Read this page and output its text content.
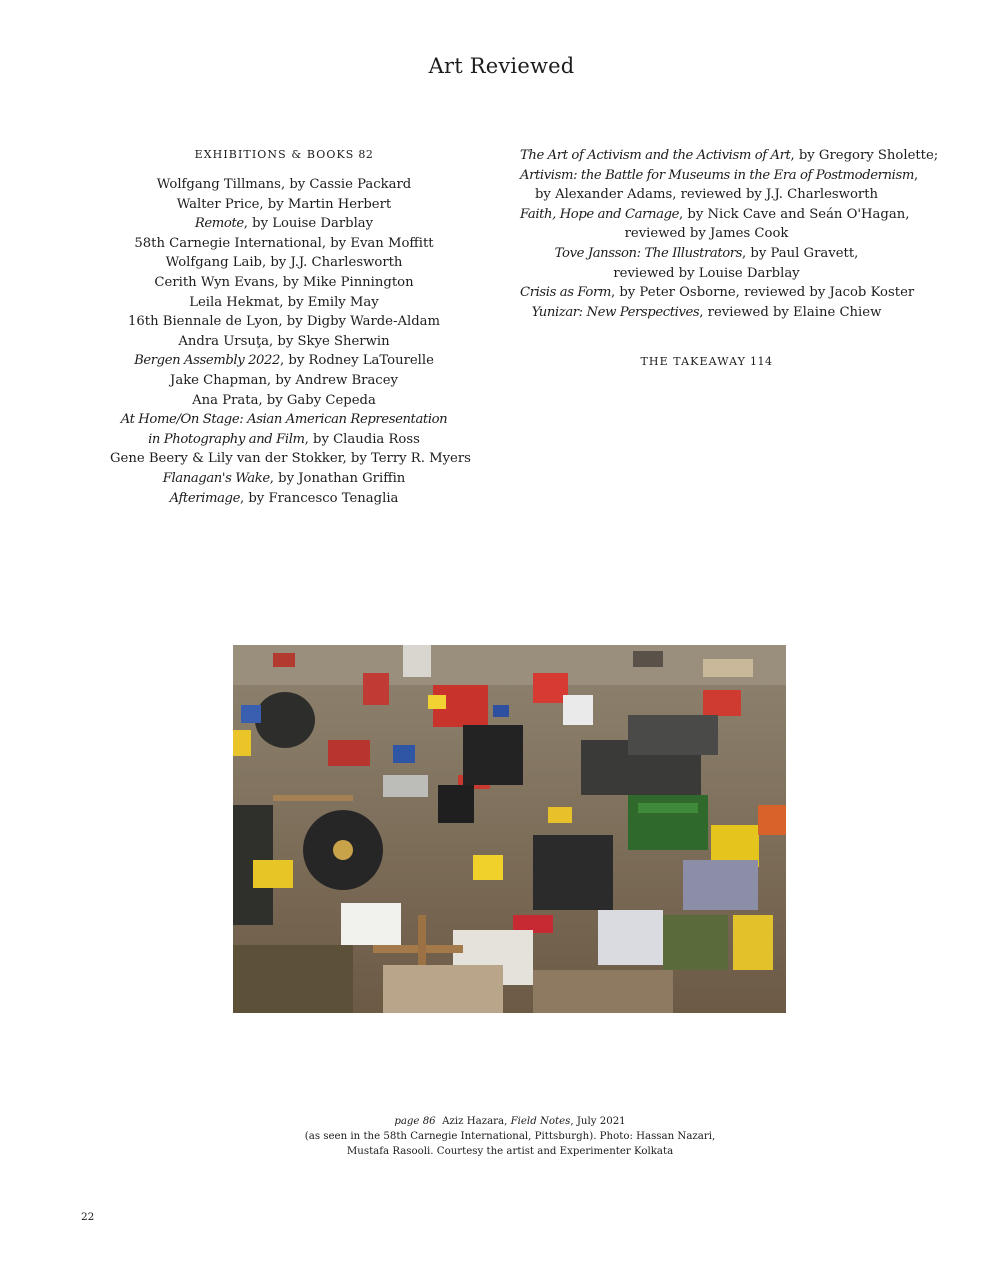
Art Reviewed
EXHIBITIONS & BOOKS 82
Wolfgang Tillmans, by Cassie Packard
Walter Price, by Martin Herbert
Remote, by Louise Darblay
58th Carnegie International, by Evan Moffitt
Wolfgang Laib, by J.J. Charlesworth
Cerith Wyn Evans, by Mike Pinnington
Leila Hekmat, by Emily May
16th Biennale de Lyon, by Digby Warde-Aldam
Andra Ursuţa, by Skye Sherwin
Bergen Assembly 2022, by Rodney LaTourelle
Jake Chapman, by Andrew Bracey
Ana Prata, by Gaby Cepeda
At Home/On Stage: Asian American Representation
in Photography and Film, by Claudia Ross
Gene Beery & Lily van der Stokker, by Terry R. Myers
Flanagan's Wake, by Jonathan Griffin
Afterimage, by Francesco Tenaglia
The Art of Activism and the Activism of Art, by Gregory Sholette;
Artivism: the Battle for Museums in the Era of Postmodernism,
by Alexander Adams, reviewed by J.J. Charlesworth
Faith, Hope and Carnage, by Nick Cave and Seán O'Hagan,
reviewed by James Cook
Tove Jansson: The Illustrators, by Paul Gravett,
reviewed by Louise Darblay
Crisis as Form, by Peter Osborne, reviewed by Jacob Koster
Yunizar: New Perspectives, reviewed by Elaine Chiew
THE TAKEAWAY 114
page 86 Aziz Hazara, Field Notes, July 2021
(as seen in the 58th Carnegie International, Pittsburgh). Photo: Hassan Nazari,
Mustafa Rasooli. Courtesy the artist and Experimenter Kolkata
22
